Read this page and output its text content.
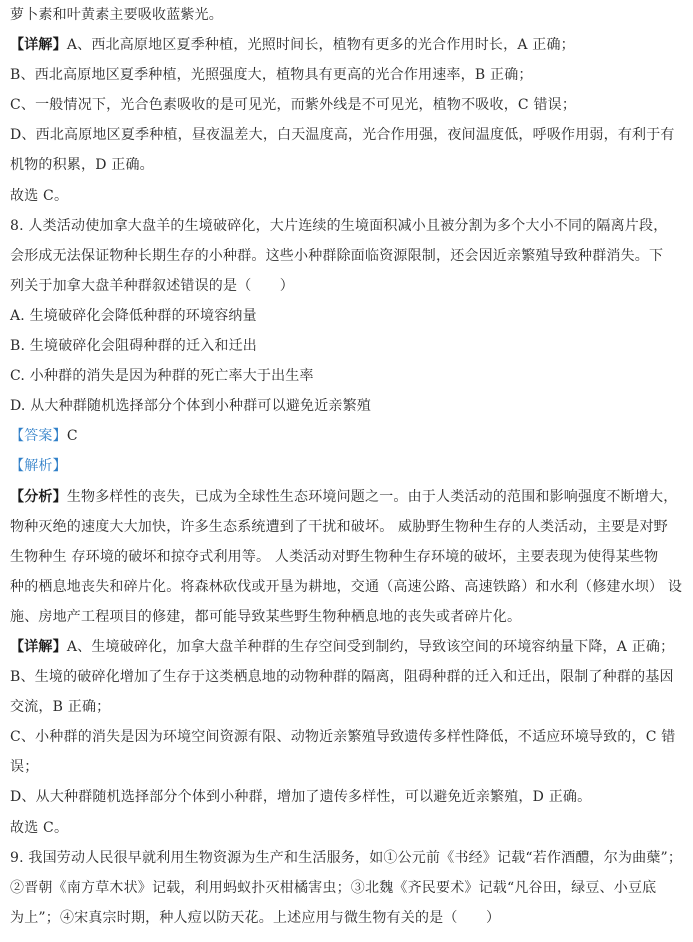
萝卜素和叶黄素主要吸收蓝紫光。
【详解】A、西北高原地区夏季种植，光照时间长，植物有更多的光合作用时长，A 正确；
B、西北高原地区夏季种植，光照强度大，植物具有更高的光合作用速率，B 正确；
C、一般情况下，光合色素吸收的是可见光，而紫外线是不可见光，植物不吸收，C 错误；
D、西北高原地区夏季种植，昼夜温差大，白天温度高，光合作用强，夜间温度低，呼吸作用弱，有利于有
机物的积累，D 正确。
故选 C。
8. 人类活动使加拿大盘羊的生境破碎化，大片连续的生境面积减小且被分割为多个大小不同的隔离片段，
会形成无法保证物种长期生存的小种群。这些小种群除面临资源限制，还会因近亲繁殖导致种群消失。下
列关于加拿大盘羊种群叙述错误的是（　　）
A. 生境破碎化会降低种群的环境容纳量
B. 生境破碎化会阻碍种群的迁入和迁出
C. 小种群的消失是因为种群的死亡率大于出生率
D. 从大种群随机选择部分个体到小种群可以避免近亲繁殖
【答案】C
【解析】
【分析】生物多样性的丧失，已成为全球性生态环境问题之一。由于人类活动的范围和影响强度不断增大，
物种灭绝的速度大大加快，许多生态系统遭到了干扰和破坏。 威胁野生物种生存的人类活动，主要是对野
生物种生 存环境的破坏和掠夺式利用等。 人类活动对野生物种生存环境的破坏，主要表现为使得某些物
种的栖息地丧失和碎片化。将森林砍伐或开垦为耕地，交通（高速公路、高速铁路）和水利（修建水坝） 设
施、房地产工程项目的修建，都可能导致某些野生物种栖息地的丧失或者碎片化。
【详解】A、生境破碎化，加拿大盘羊种群的生存空间受到制约，导致该空间的环境容纳量下降，A 正确；
B、生境的破碎化增加了生存于这类栖息地的动物种群的隔离，阻碍种群的迁入和迁出，限制了种群的基因
交流，B 正确；
C、小种群的消失是因为环境空间资源有限、动物近亲繁殖导致遗传多样性降低，不适应环境导致的，C 错
误；
D、从大种群随机选择部分个体到小种群，增加了遗传多样性，可以避免近亲繁殖，D 正确。
故选 C。
9. 我国劳动人民很早就利用生物资源为生产和生活服务，如①公元前《书经》记载“若作酒醴，尔为曲蘖”；
②晋朝《南方草木状》记载，利用蚂蚁扑灭柑橘害虫；③北魏《齐民要术》记载“凡谷田，绿豆、小豆底
为上”；④宋真宗时期，种人痘以防天花。上述应用与微生物有关的是（　　）
